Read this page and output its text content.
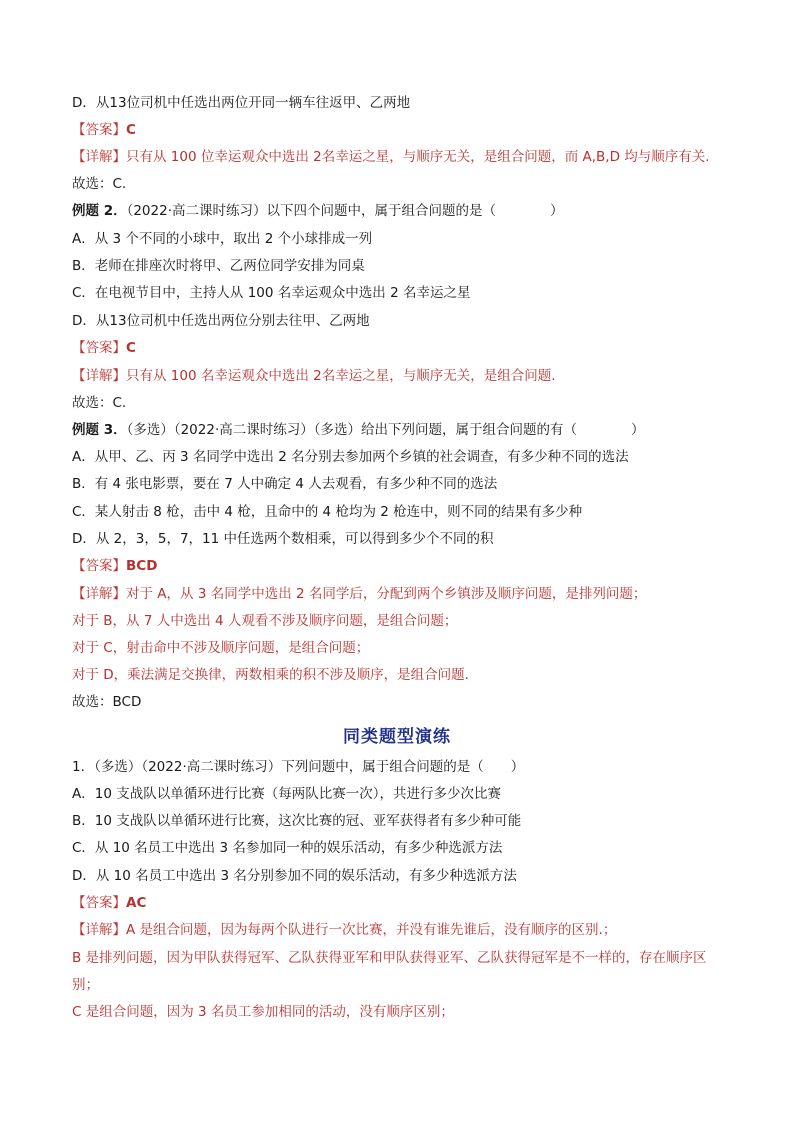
D．从13位司机中任选出两位开同一辆车往返甲、乙两地
【答案】C
【详解】只有从 100 位幸运观众中选出 2名幸运之星，与顺序无关，是组合问题，而 A,B,D 均与顺序有关.
故选：C.
例题 2．（2022·高二课时练习）以下四个问题中，属于组合问题的是（　　　　）
A．从 3 个不同的小球中，取出 2 个小球排成一列
B．老师在排座次时将甲、乙两位同学安排为同桌
C．在电视节目中，主持人从 100 名幸运观众中选出 2 名幸运之星
D．从13位司机中任选出两位分别去往甲、乙两地
【答案】C
【详解】只有从 100 名幸运观众中选出 2名幸运之星，与顺序无关，是组合问题.
故选：C.
例题 3．（多选）（2022·高二课时练习）（多选）给出下列问题，属于组合问题的有（　　　　）
A．从甲、乙、丙 3 名同学中选出 2 名分别去参加两个乡镇的社会调查，有多少种不同的选法
B．有 4 张电影票，要在 7 人中确定 4 人去观看，有多少种不同的选法
C．某人射击 8 枪，击中 4 枪，且命中的 4 枪均为 2 枪连中，则不同的结果有多少种
D．从 2，3，5，7，11 中任选两个数相乘，可以得到多少个不同的积
【答案】BCD
【详解】对于 A，从 3 名同学中选出 2 名同学后，分配到两个乡镇涉及顺序问题，是排列问题；
对于 B，从 7 人中选出 4 人观看不涉及顺序问题，是组合问题；
对于 C，射击命中不涉及顺序问题，是组合问题；
对于 D，乘法满足交换律，两数相乘的积不涉及顺序，是组合问题.
故选：BCD
同类题型演练
1．（多选）（2022·高二课时练习）下列问题中，属于组合问题的是（　　）
A．10 支战队以单循环进行比赛（每两队比赛一次），共进行多少次比赛
B．10 支战队以单循环进行比赛，这次比赛的冠、亚军获得者有多少种可能
C．从 10 名员工中选出 3 名参加同一种的娱乐活动，有多少种选派方法
D．从 10 名员工中选出 3 名分别参加不同的娱乐活动，有多少种选派方法
【答案】AC
【详解】A 是组合问题，因为每两个队进行一次比赛，并没有谁先谁后，没有顺序的区别.；
B 是排列问题，因为甲队获得冠军、乙队获得亚军和甲队获得亚军、乙队获得冠军是不一样的，存在顺序区
别；
C 是组合问题，因为 3 名员工参加相同的活动，没有顺序区别；
